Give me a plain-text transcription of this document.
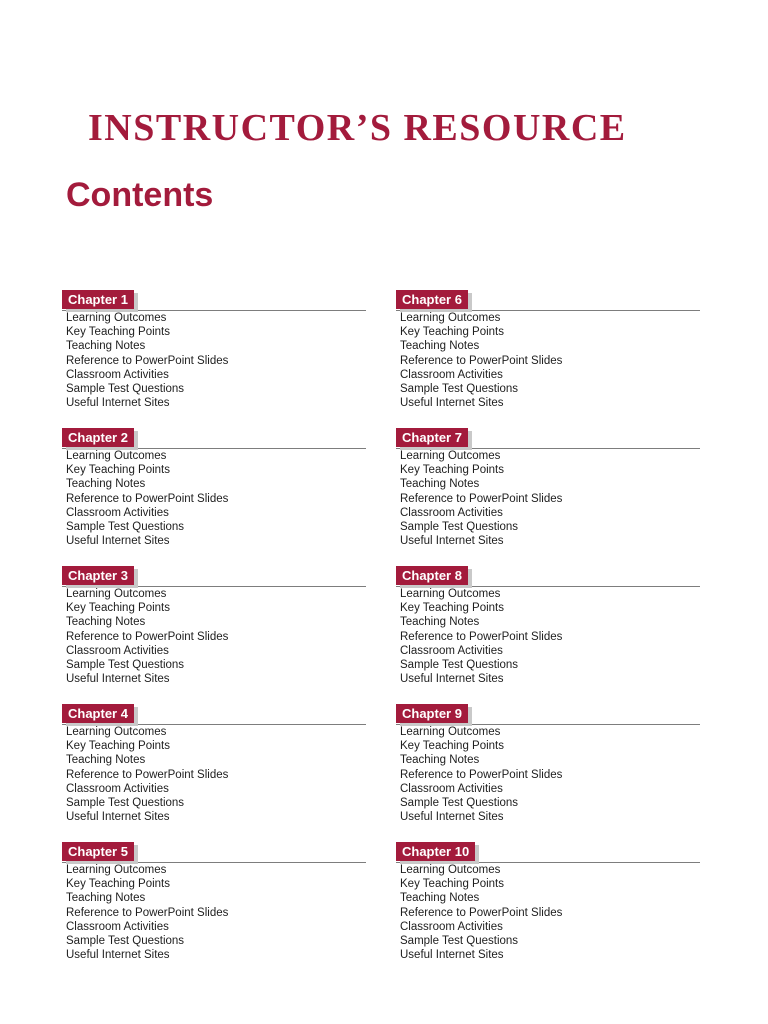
INSTRUCTOR’S RESOURCE
Contents
Chapter 1
Learning Outcomes
Key Teaching Points
Teaching Notes
Reference to PowerPoint Slides
Classroom Activities
Sample Test Questions
Useful Internet Sites
Chapter 2
Learning Outcomes
Key Teaching Points
Teaching Notes
Reference to PowerPoint Slides
Classroom Activities
Sample Test Questions
Useful Internet Sites
Chapter 3
Learning Outcomes
Key Teaching Points
Teaching Notes
Reference to PowerPoint Slides
Classroom Activities
Sample Test Questions
Useful Internet Sites
Chapter 4
Learning Outcomes
Key Teaching Points
Teaching Notes
Reference to PowerPoint Slides
Classroom Activities
Sample Test Questions
Useful Internet Sites
Chapter 5
Learning Outcomes
Key Teaching Points
Teaching Notes
Reference to PowerPoint Slides
Classroom Activities
Sample Test Questions
Useful Internet Sites
Chapter 6
Learning Outcomes
Key Teaching Points
Teaching Notes
Reference to PowerPoint Slides
Classroom Activities
Sample Test Questions
Useful Internet Sites
Chapter 7
Learning Outcomes
Key Teaching Points
Teaching Notes
Reference to PowerPoint Slides
Classroom Activities
Sample Test Questions
Useful Internet Sites
Chapter 8
Learning Outcomes
Key Teaching Points
Teaching Notes
Reference to PowerPoint Slides
Classroom Activities
Sample Test Questions
Useful Internet Sites
Chapter 9
Learning Outcomes
Key Teaching Points
Teaching Notes
Reference to PowerPoint Slides
Classroom Activities
Sample Test Questions
Useful Internet Sites
Chapter 10
Learning Outcomes
Key Teaching Points
Teaching Notes
Reference to PowerPoint Slides
Classroom Activities
Sample Test Questions
Useful Internet Sites
